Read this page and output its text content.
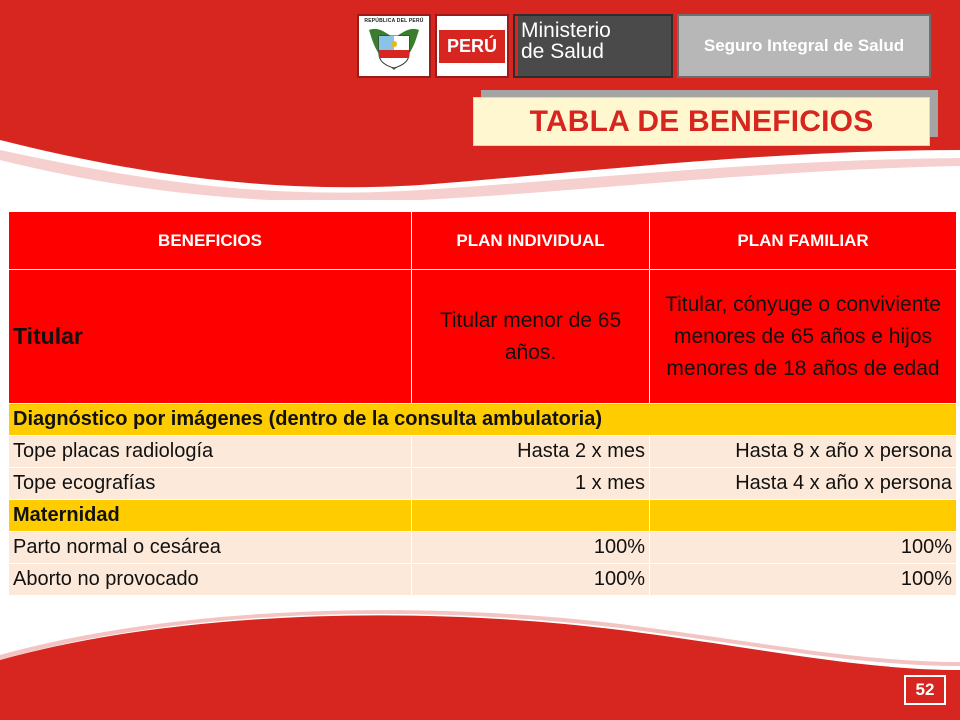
REPÚBLICA DEL PERÚ
PERÚ
Ministerio
de Salud	Seguro Integral de Salud
TABLA DE BENEFICIOS
BENEFICIOS	PLAN INDIVIDUAL	PLAN FAMILIAR
Titular	Titular menor de 65 años.	Titular, cónyuge o conviviente menores de 65 años e hijos menores de 18 años de edad
Diagnóstico por imágenes (dentro de la consulta ambulatoria)		
Tope placas radiología	Hasta 2 x mes	Hasta 8 x año x persona
Tope ecografías	1 x mes	Hasta 4 x año x persona
Maternidad		
Parto normal o cesárea	100%	100%
Aborto no provocado	100%	100%
52
